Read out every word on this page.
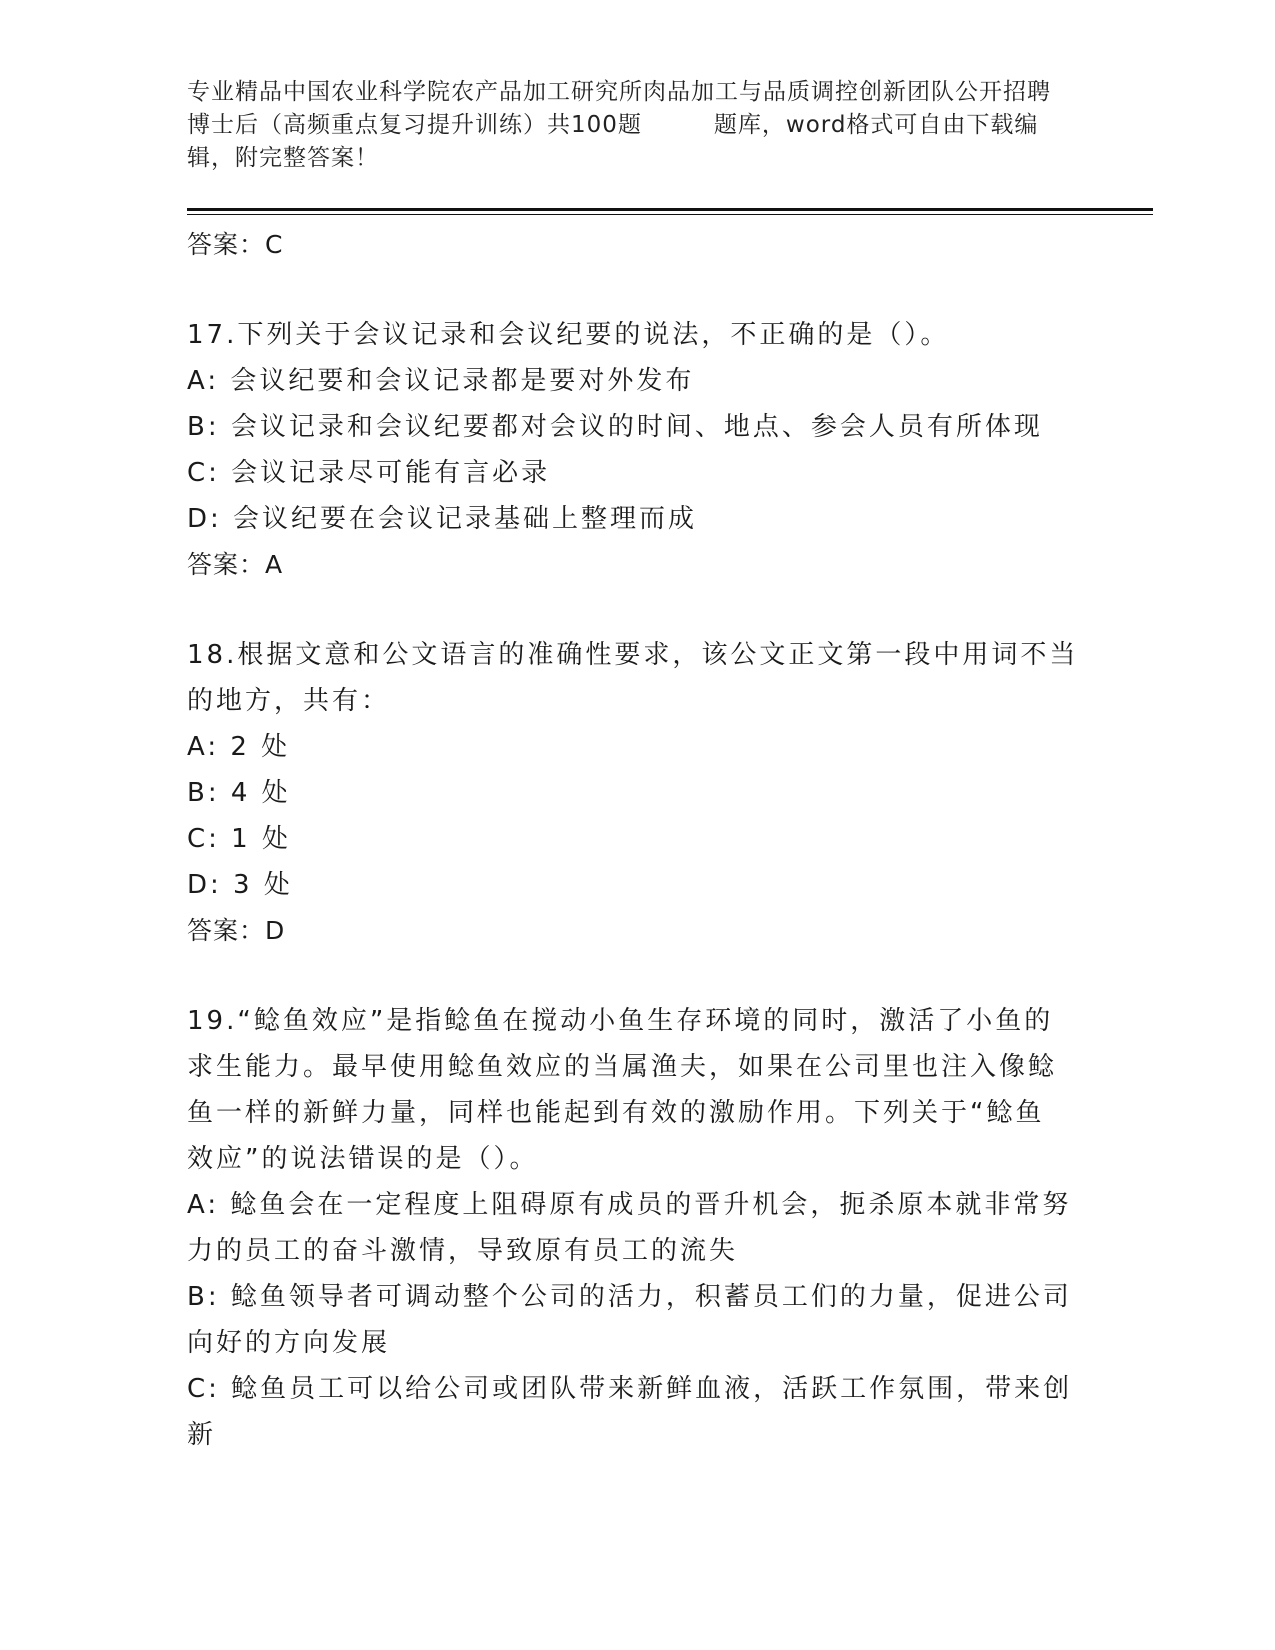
专业精品中国农业科学院农产品加工研究所肉品加工与品质调控创新团队公开招聘
博士后（高频重点复习提升训练）共100题　　　题库，word格式可自由下载编
辑，附完整答案！
答案：C
17.下列关于会议记录和会议纪要的说法，不正确的是（）。
A: 会议纪要和会议记录都是要对外发布
B: 会议记录和会议纪要都对会议的时间、地点、参会人员有所体现
C: 会议记录尽可能有言必录
D: 会议纪要在会议记录基础上整理而成
答案：A
18.根据文意和公文语言的准确性要求，该公文正文第一段中用词不当
的地方，共有：
A: 2 处
B: 4 处
C: 1 处
D: 3 处
答案：D
19.“鲶鱼效应”是指鲶鱼在搅动小鱼生存环境的同时，激活了小鱼的
求生能力。最早使用鲶鱼效应的当属渔夫，如果在公司里也注入像鲶
鱼一样的新鲜力量，同样也能起到有效的激励作用。下列关于“鲶鱼
效应”的说法错误的是（）。
A: 鲶鱼会在一定程度上阻碍原有成员的晋升机会，扼杀原本就非常努
力的员工的奋斗激情，导致原有员工的流失
B: 鲶鱼领导者可调动整个公司的活力，积蓄员工们的力量，促进公司
向好的方向发展
C: 鲶鱼员工可以给公司或团队带来新鲜血液，活跃工作氛围，带来创
新
